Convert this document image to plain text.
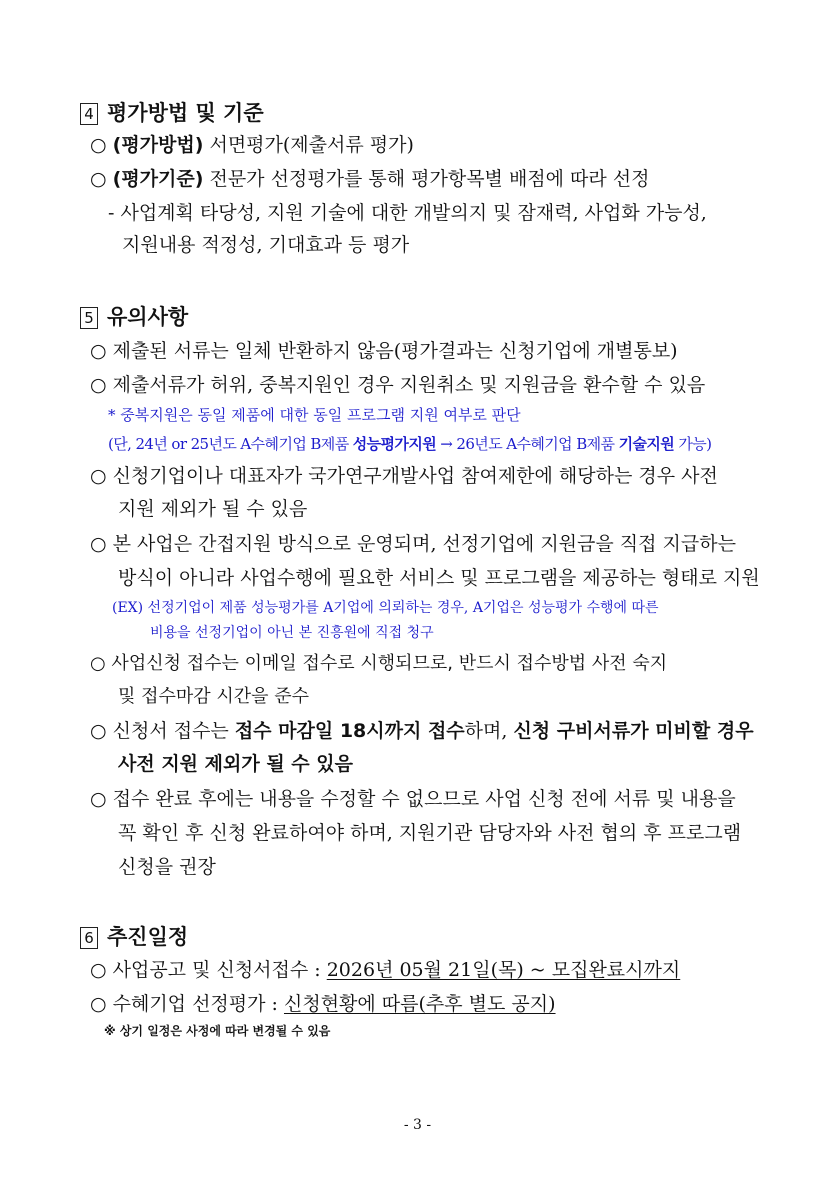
4 평가방법 및 기준
○ (평가방법) 서면평가(제출서류 평가)
○ (평가기준) 전문가 선정평가를 통해 평가항목별 배점에 따라 선정
- 사업계획 타당성, 지원 기술에 대한 개발의지 및 잠재력, 사업화 가능성,
지원내용 적정성, 기대효과 등 평가
5 유의사항
○ 제출된 서류는 일체 반환하지 않음(평가결과는 신청기업에 개별통보)
○ 제출서류가 허위, 중복지원인 경우 지원취소 및 지원금을 환수할 수 있음
* 중복지원은 동일 제품에 대한 동일 프로그램 지원 여부로 판단
(단, 24년 or 25년도 A수혜기업 B제품 성능평가지원 → 26년도 A수혜기업 B제품 기술지원 가능)
○ 신청기업이나 대표자가 국가연구개발사업 참여제한에 해당하는 경우 사전
지원 제외가 될 수 있음
○ 본 사업은 간접지원 방식으로 운영되며, 선정기업에 지원금을 직접 지급하는
방식이 아니라 사업수행에 필요한 서비스 및 프로그램을 제공하는 형태로 지원
(EX) 선정기업이 제품 성능평가를 A기업에 의뢰하는 경우, A기업은 성능평가 수행에 따른
비용을 선정기업이 아닌 본 진흥원에 직접 청구
○ 사업신청 접수는 이메일 접수로 시행되므로, 반드시 접수방법 사전 숙지
및 접수마감 시간을 준수
○ 신청서 접수는 접수 마감일 18시까지 접수하며, 신청 구비서류가 미비할 경우
사전 지원 제외가 될 수 있음
○ 접수 완료 후에는 내용을 수정할 수 없으므로 사업 신청 전에 서류 및 내용을
꼭 확인 후 신청 완료하여야 하며, 지원기관 담당자와 사전 협의 후 프로그램
신청을 권장
6 추진일정
○ 사업공고 및 신청서접수 : 2026년 05월 21일(목) ~ 모집완료시까지
○ 수혜기업 선정평가 : 신청현황에 따름(추후 별도 공지)
※ 상기 일정은 사정에 따라 변경될 수 있음
- 3 -
